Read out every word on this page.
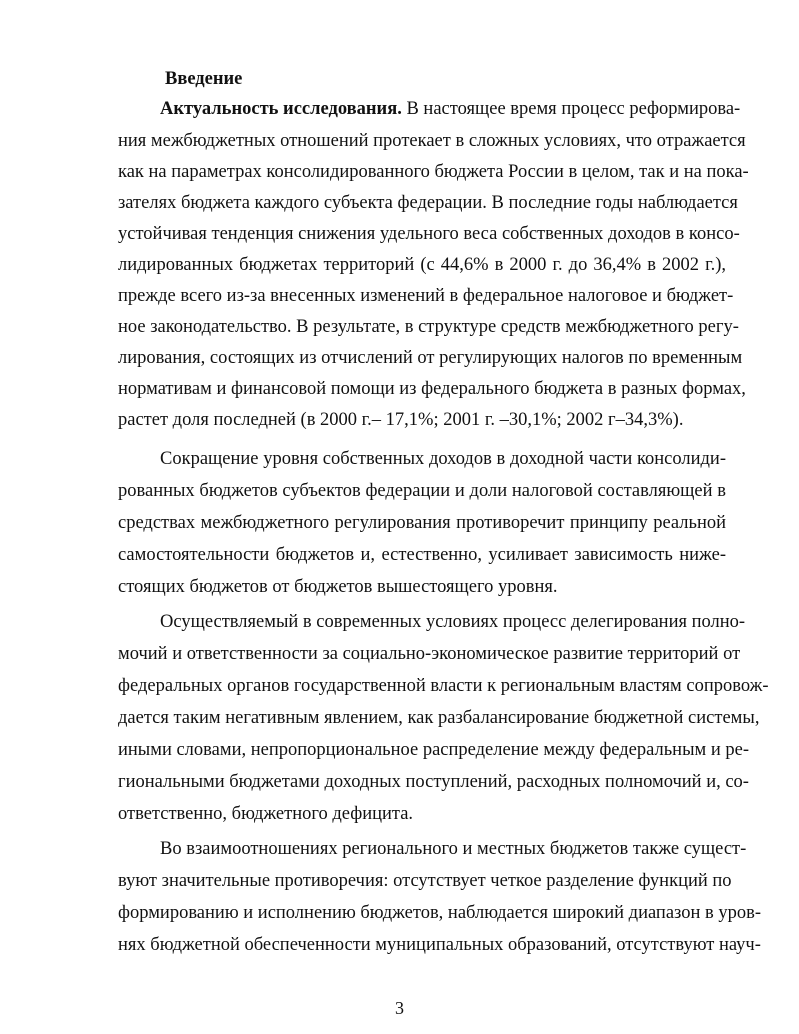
Введение
Актуальность исследования. В настоящее время процесс реформирова-
ния межбюджетных отношений протекает в сложных условиях, что отражается
как на параметрах консолидированного бюджета России в целом, так и на пока-
зателях бюджета каждого субъекта федерации. В последние годы наблюдается
устойчивая тенденция снижения удельного веса собственных доходов в консо-
лидированных бюджетах территорий (с 44,6% в 2000 г. до 36,4% в 2002 г.),
прежде всего из-за внесенных изменений в федеральное налоговое и бюджет-
ное законодательство. В результате, в структуре средств межбюджетного регу-
лирования, состоящих из отчислений от регулирующих налогов по временным
нормативам и финансовой помощи из федерального бюджета в разных формах,
растет доля последней (в 2000 г.– 17,1%; 2001 г. –30,1%; 2002 г–34,3%).
Сокращение уровня собственных доходов в доходной части консолиди-
рованных бюджетов субъектов федерации и доли налоговой составляющей в
средствах межбюджетного регулирования противоречит принципу реальной
самостоятельности бюджетов и, естественно, усиливает зависимость ниже-
стоящих бюджетов от бюджетов вышестоящего уровня.
Осуществляемый в современных условиях процесс делегирования полно-
мочий и ответственности за социально-экономическое развитие территорий от
федеральных органов государственной власти к региональным властям сопровож-
дается таким негативным явлением, как разбалансирование бюджетной системы,
иными словами, непропорциональное распределение между федеральным и ре-
гиональными бюджетами доходных поступлений, расходных полномочий и, со-
ответственно, бюджетного дефицита.
Во взаимоотношениях регионального и местных бюджетов также сущест-
вуют значительные противоречия: отсутствует четкое разделение функций по
формированию и исполнению бюджетов, наблюдается широкий диапазон в уров-
нях бюджетной обеспеченности муниципальных образований, отсутствуют науч-
3
